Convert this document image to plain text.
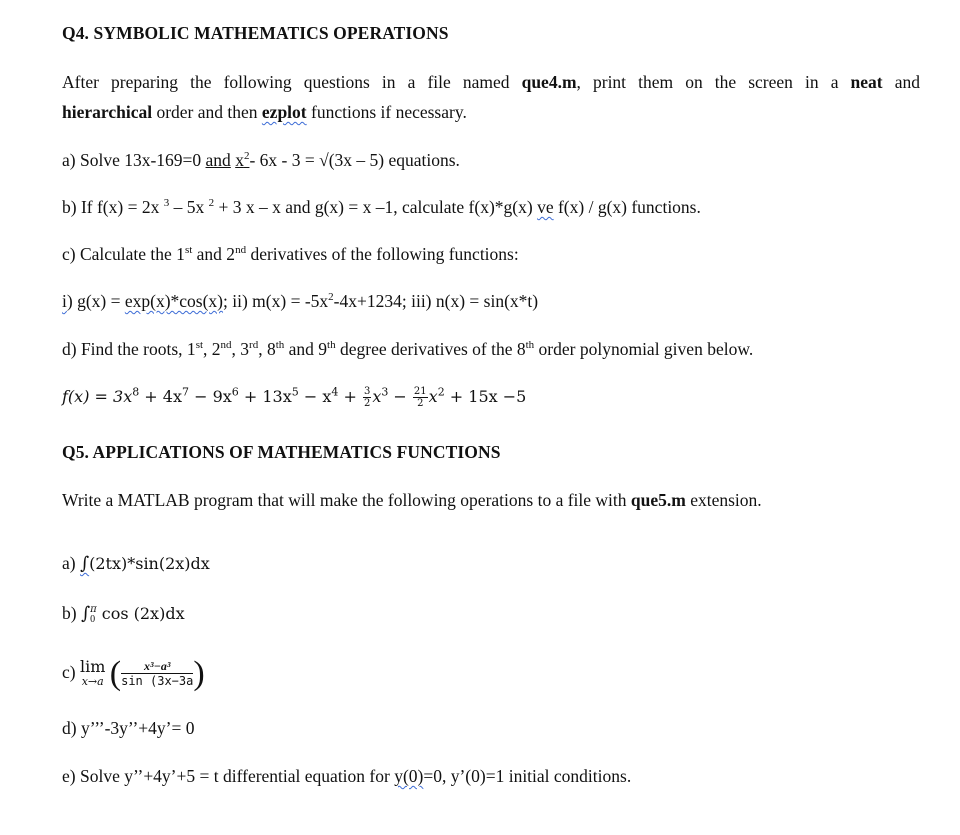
Q4. SYMBOLIC MATHEMATICS OPERATIONS
After preparing the following questions in a file named que4.m, print them on the screen in a neat and
hierarchical order and then ezplot functions if necessary.
a) Solve 13x-169=0 and $x^2-$ 6x - 3 = √(3x – 5) equations.
b) If f(x) = 2x $^3$ – 5x $^2$ + 3 x – x and g(x) = x –1, calculate f(x)*g(x) ve f(x) / g(x) functions.
c) Calculate the 1st and 2nd derivatives of the following functions:
i) g(x) = exp(x)*cos(x); ii) $m(x) = -5x^2-4x+1234$; iii) n(x) = sin(x*t)
d) Find the roots, 1st, 2nd, 3rd, 8th and 9th degree derivatives of the 8th order polynomial given below.
$f(x) = 3x^8 + 4x^7 - 9x^6 + 13x^5 - x^4 + \frac{3}{2} x^3 - \frac{21}{2} x^2 + 15x -5$
Q5. APPLICATIONS OF MATHEMATICS FUNCTIONS
Write a MATLAB program that will make the following operations to a file with que5.m extension.
a) ∫(2tx)*sin(2x)dx
b) ∫ π
0 cos (2x)dx
c) lim
x→a ( $\frac{\text{x³−a³}}{\sin (3x-3a}$ )
d) y’’’-3y’’+4y’= 0
e) Solve y’’+4y’+5 = t differential equation for y(0)=0, y’(0)=1 initial conditions.
